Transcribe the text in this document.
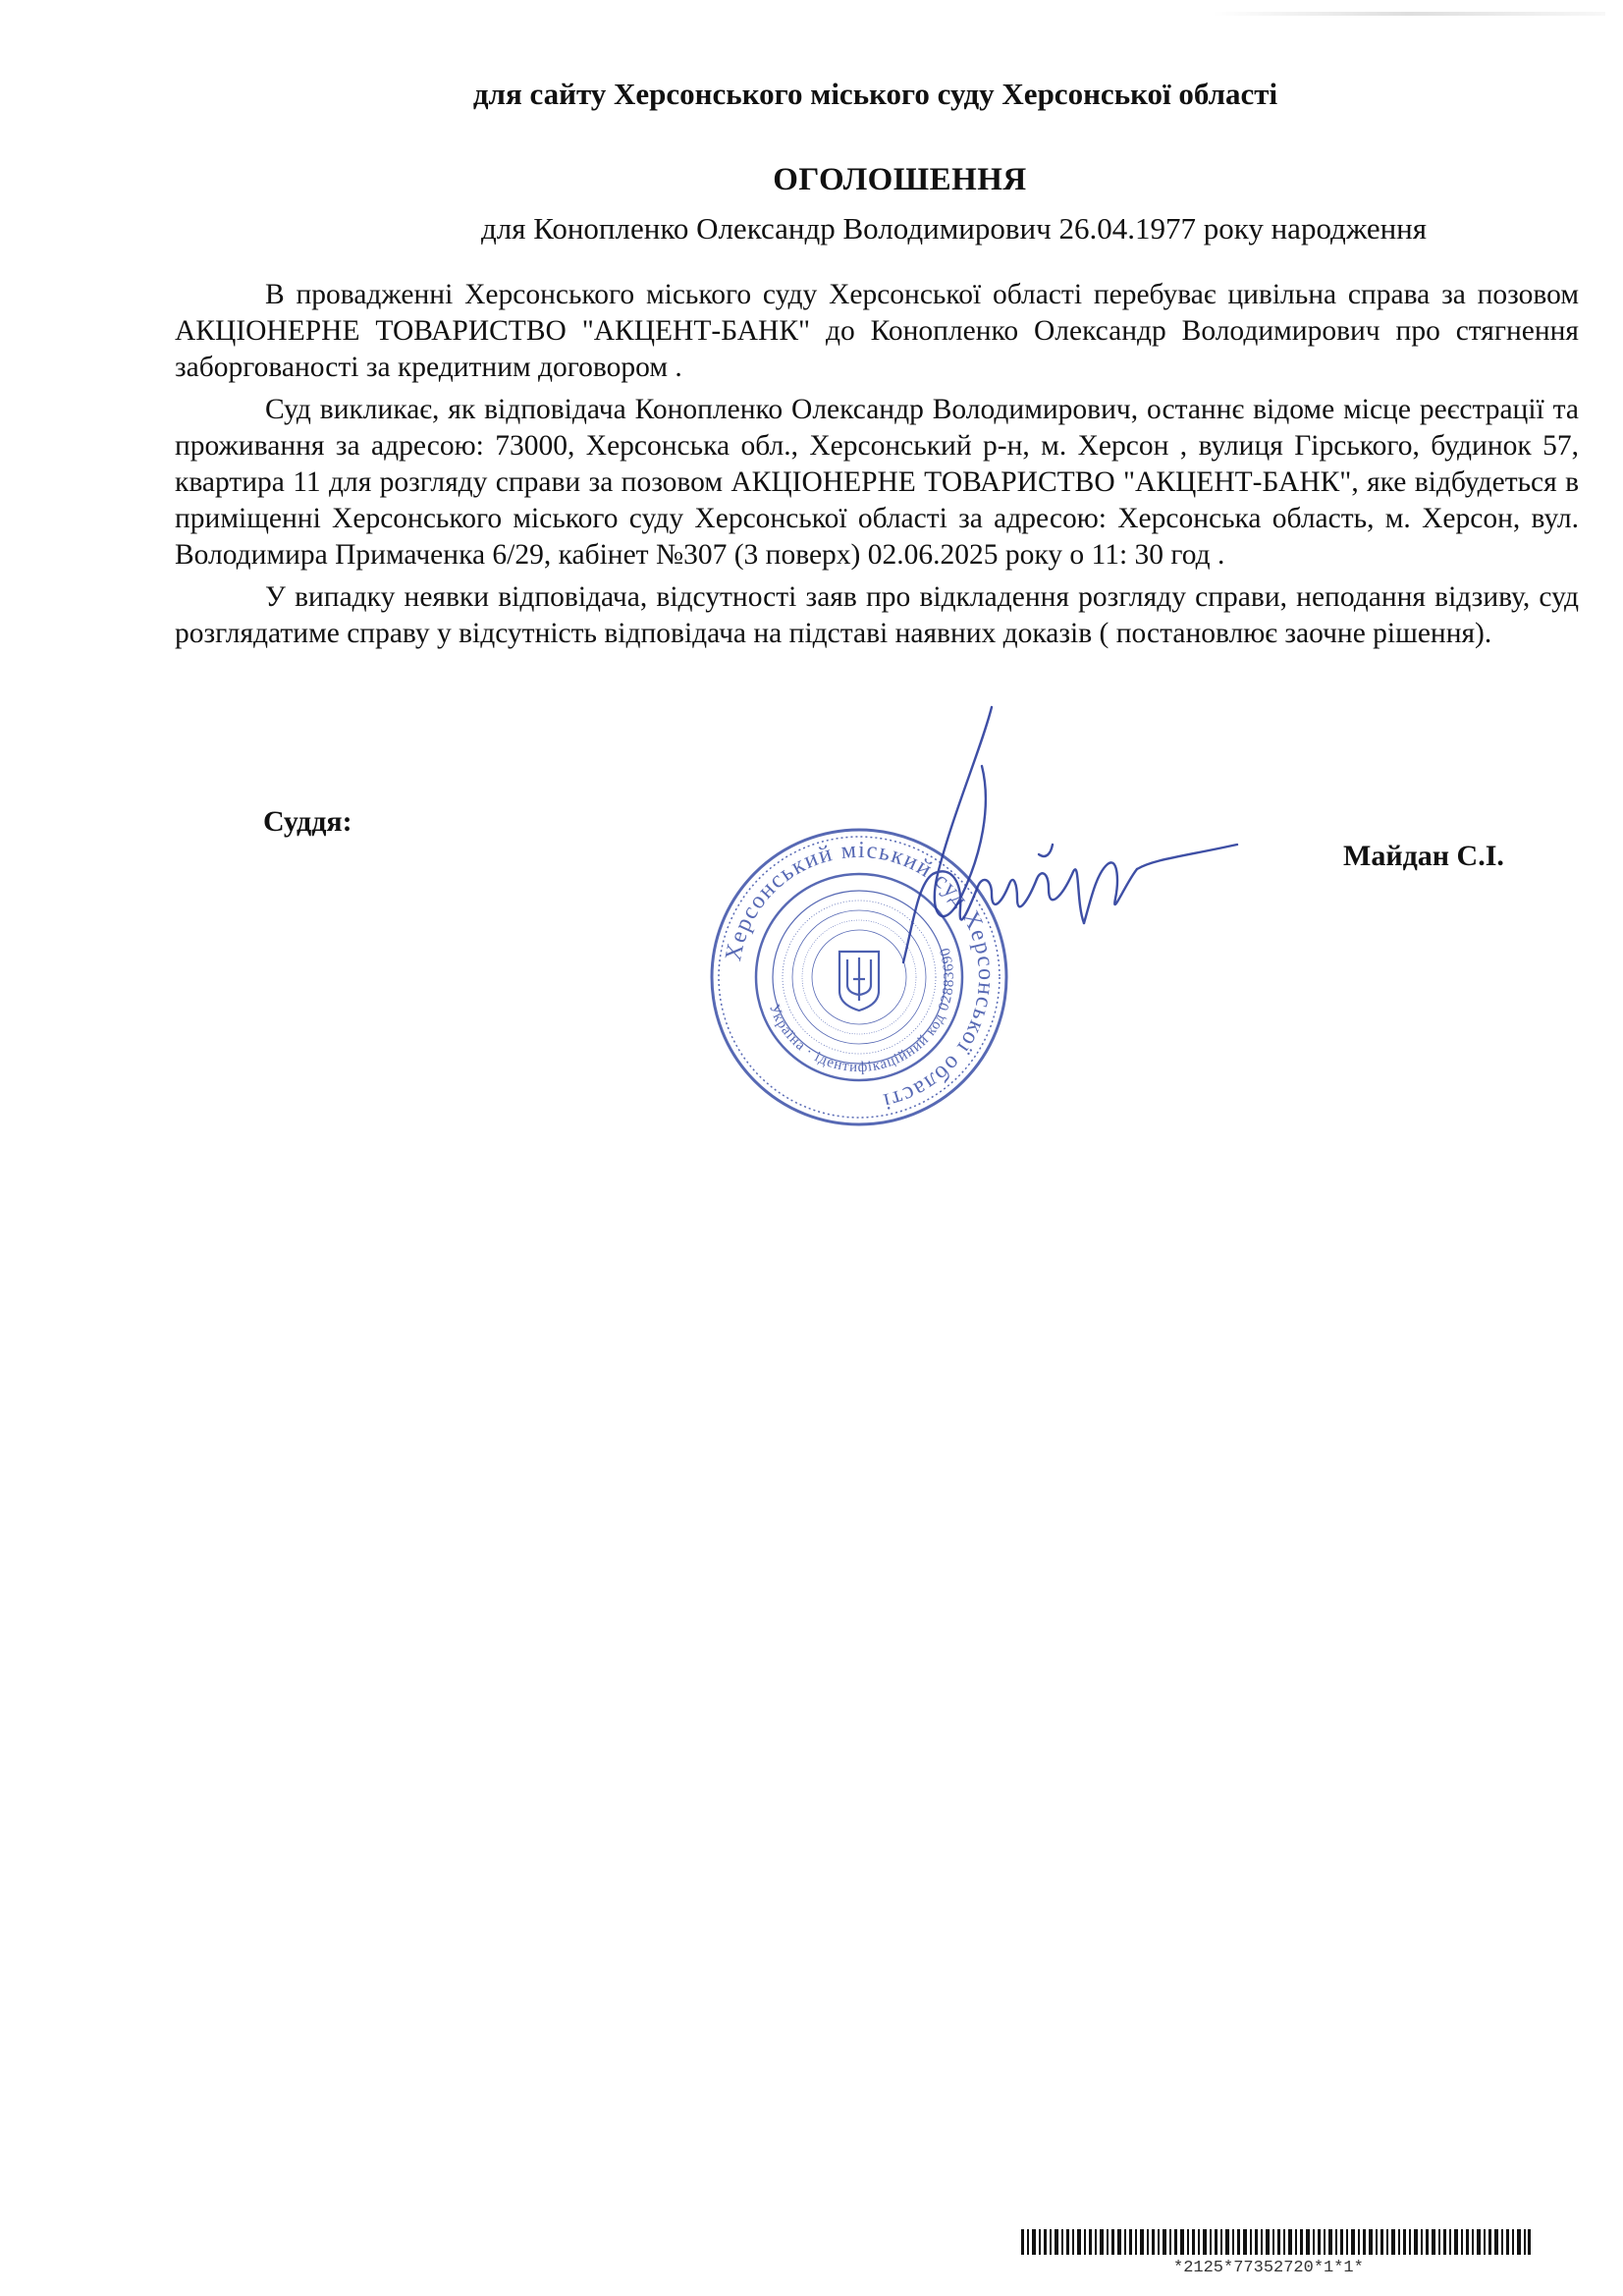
для сайту Херсонського міського суду Херсонської області
ОГОЛОШЕННЯ
для Конопленко Олександр Володимирович 26.04.1977 року народження

В провадженні Херсонського міського суду Херсонської області перебуває цивільна справа за позовом АКЦІОНЕРНЕ ТОВАРИСТВО "АКЦЕНТ-БАНК" до Конопленко Олександр Володимирович про стягнення заборгованості за кредитним договором .

Суд викликає, як відповідача Конопленко Олександр Володимирович, останнє відоме місце реєстрації та проживання за адресою: 73000, Херсонська обл., Херсонський р-н, м. Херсон , вулиця Гірського, будинок 57, квартира 11 для розгляду справи за позовом АКЦІОНЕРНЕ ТОВАРИСТВО "АКЦЕНТ-БАНК", яке відбудеться в приміщенні Херсонського міського суду Херсонської області за адресою: Херсонська область, м. Херсон, вул. Володимира Примаченка 6/29, кабінет №307 (3 поверх) 02.06.2025 року о 11: 30 год .

У випадку неявки відповідача, відсутності заяв про відкладення розгляду справи, неподання відзиву, суд розглядатиме справу у відсутність відповідача на підставі наявних доказів ( постановлює заочне рішення).

Суддя:
Херсонський міський суд Херсонської області
Україна · ідентифікаційний код 02883690
Майдан С.І.
*2125*77352720*1*1*
